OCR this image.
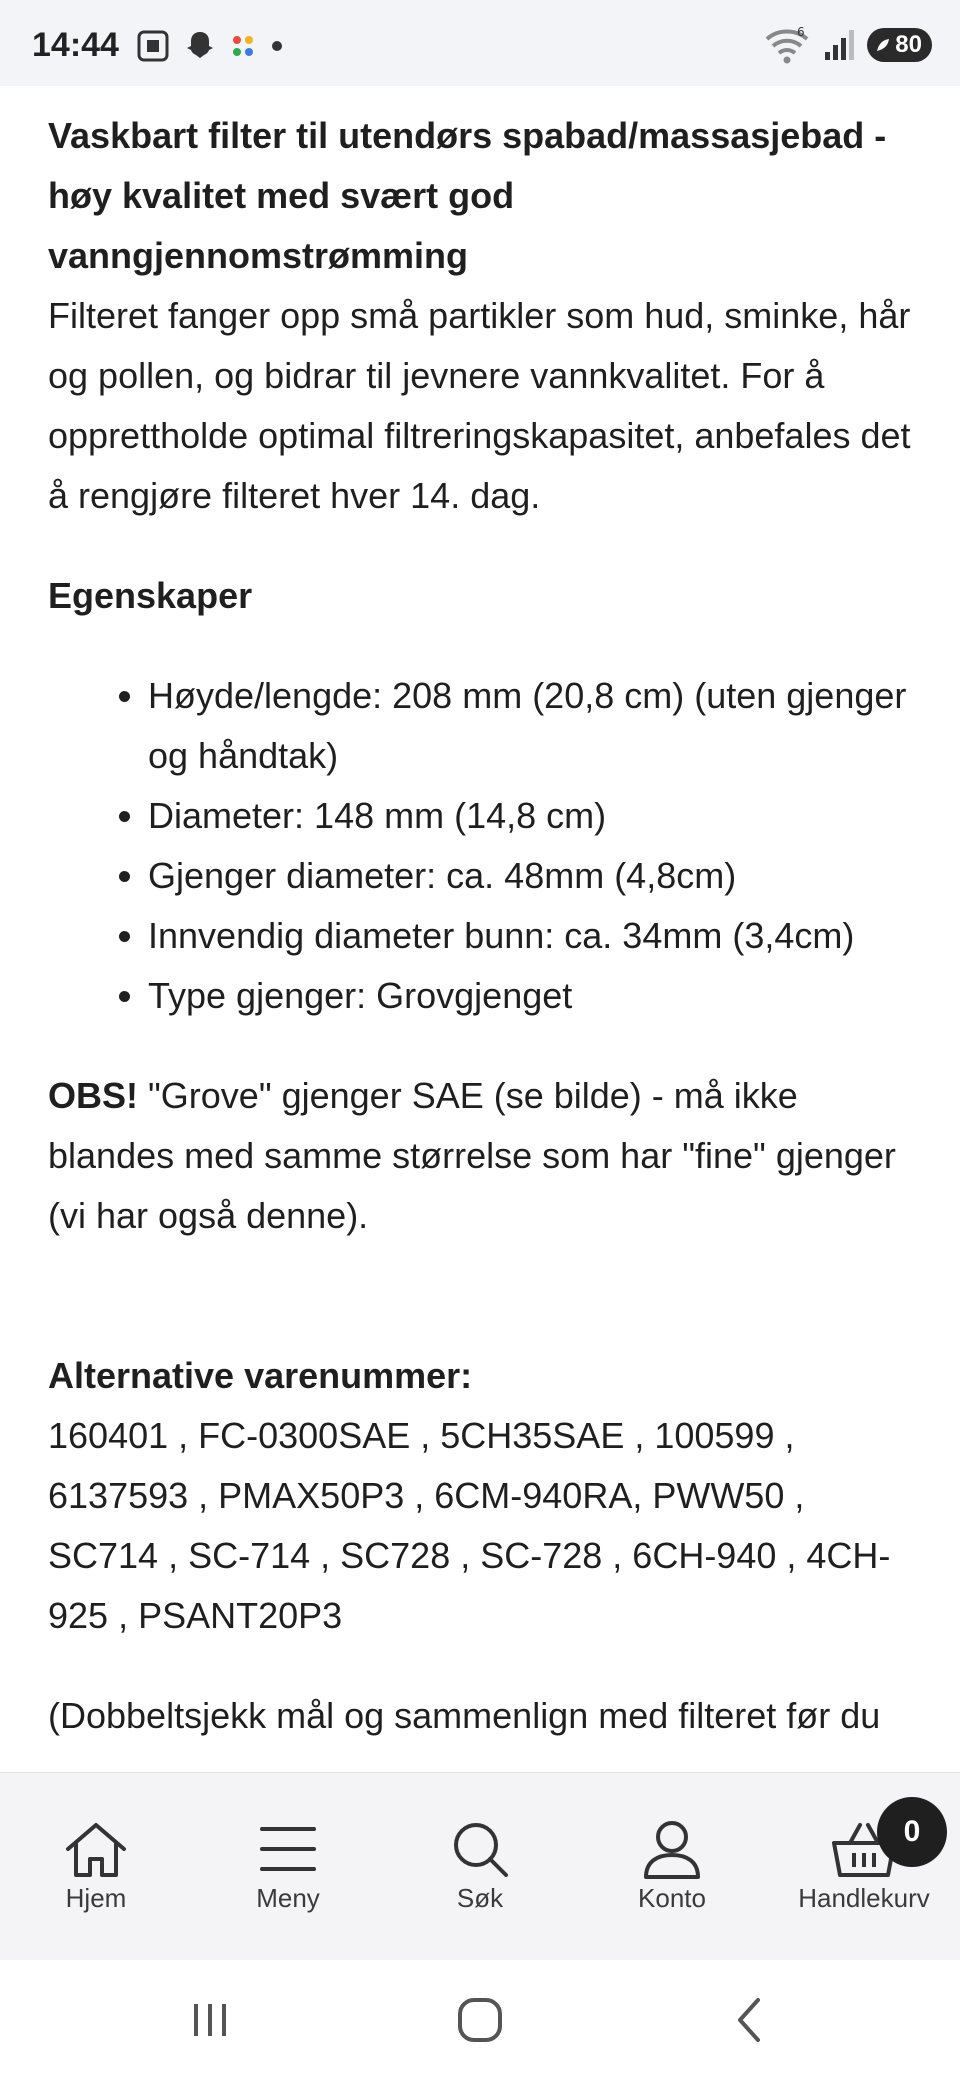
14:44	6	80

Vaskbart filter til utendørs spabad/massasjebad - høy kvalitet med svært god vanngjennomstrømming

Filteret fanger opp små partikler som hud, sminke, hår og pollen, og bidrar til jevnere vannkvalitet. For å opprettholde optimal filtreringskapasitet, anbefales det å rengjøre filteret hver 14. dag.

Egenskaper

• Høyde/lengde: 208 mm (20,8 cm) (uten gjenger og håndtak)
• Diameter: 148 mm (14,8 cm)
• Gjenger diameter: ca. 48mm (4,8cm)
• Innvendig diameter bunn: ca. 34mm (3,4cm)
• Type gjenger: Grovgjenget

OBS! "Grove" gjenger SAE (se bilde) - må ikke blandes med samme størrelse som har "fine" gjenger (vi har også denne).

Alternative varenummer:

160401 , FC-0300SAE , 5CH35SAE , 100599 , 6137593 , PMAX50P3 , 6CM-940RA, PWW50 , SC714 , SC-714 , SC728 , SC-728 , 6CH-940 , 4CH-925 , PSANT20P3

(Dobbeltsjekk mål og sammenlign med filteret før du

Hjem	Meny	Søk	Konto
0
Handlekurv
